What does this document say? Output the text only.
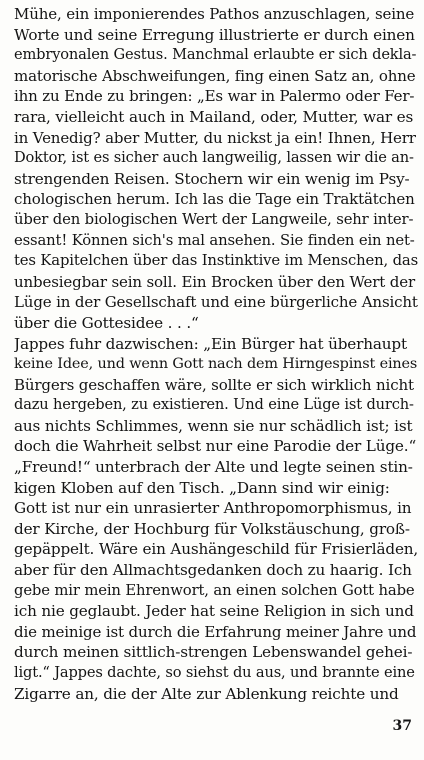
Mühe, ein imponierendes Pathos anzuschlagen, seine
Worte und seine Erregung illustrierte er durch einen
embryonalen Gestus. Manchmal erlaubte er sich dekla-
matorische Abschweifungen, fing einen Satz an, ohne
ihn zu Ende zu bringen: „Es war in Palermo oder Fer-
rara, vielleicht auch in Mailand, oder, Mutter, war es
in Venedig? aber Mutter, du nickst ja ein! Ihnen, Herr
Doktor, ist es sicher auch langweilig, lassen wir die an-
strengenden Reisen. Stochern wir ein wenig im Psy-
chologischen herum. Ich las die Tage ein Traktätchen
über den biologischen Wert der Langweile, sehr inter-
essant! Können sich's mal ansehen. Sie finden ein net-
tes Kapitelchen über das Instinktive im Menschen, das
unbesiegbar sein soll. Ein Brocken über den Wert der
Lüge in der Gesellschaft und eine bürgerliche Ansicht
über die Gottesidee . . .“
Jappes fuhr dazwischen: „Ein Bürger hat überhaupt
keine Idee, und wenn Gott nach dem Hirngespinst eines
Bürgers geschaffen wäre, sollte er sich wirklich nicht
dazu hergeben, zu existieren. Und eine Lüge ist durch-
aus nichts Schlimmes, wenn sie nur schädlich ist; ist
doch die Wahrheit selbst nur eine Parodie der Lüge.“
„Freund!“ unterbrach der Alte und legte seinen stin-
kigen Kloben auf den Tisch. „Dann sind wir einig:
Gott ist nur ein unrasierter Anthropomorphismus, in
der Kirche, der Hochburg für Volkstäuschung, groß-
gepäppelt. Wäre ein Aushängeschild für Frisierläden,
aber für den Allmachtsgedanken doch zu haarig. Ich
gebe mir mein Ehrenwort, an einen solchen Gott habe
ich nie geglaubt. Jeder hat seine Religion in sich und
die meinige ist durch die Erfahrung meiner Jahre und
durch meinen sittlich-strengen Lebenswandel gehei-
ligt.“ Jappes dachte, so siehst du aus, und brannte eine
Zigarre an, die der Alte zur Ablenkung reichte und
37
